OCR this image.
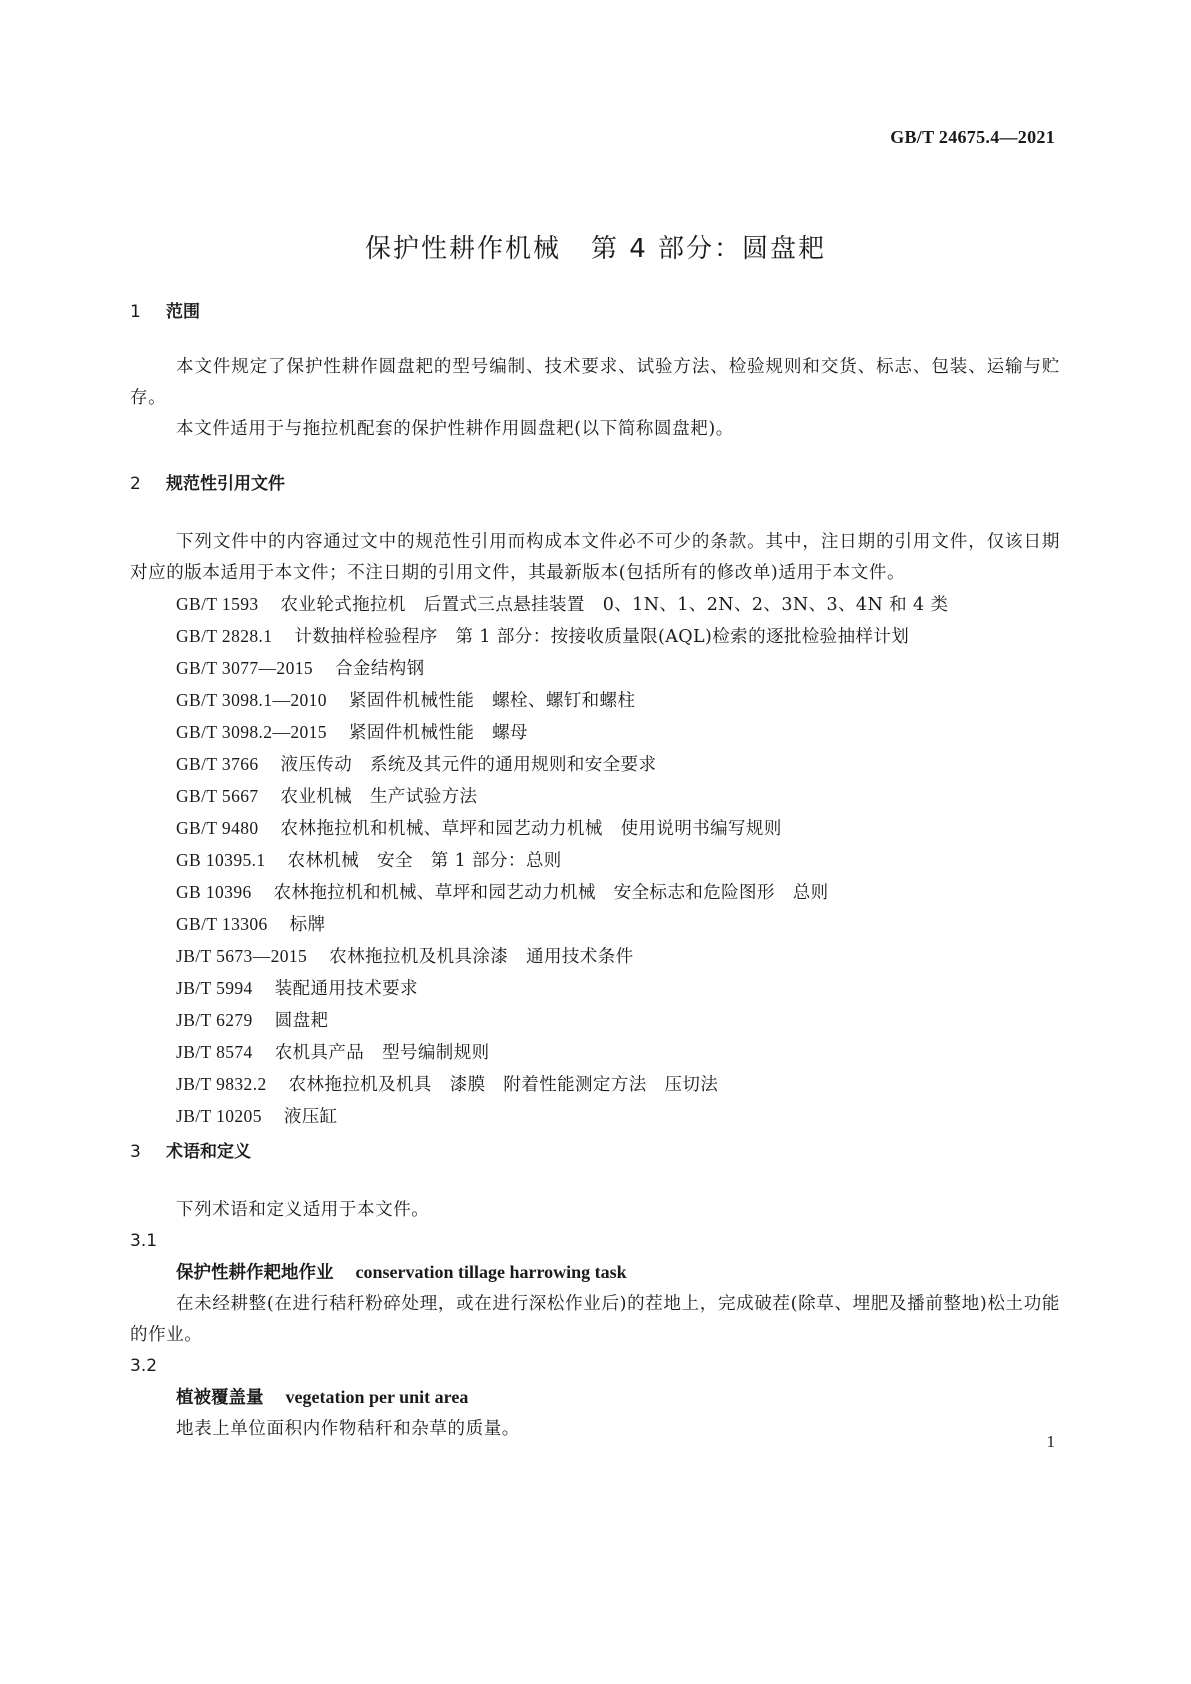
GB/T 24675.4—2021
保护性耕作机械 第 4 部分：圆盘耙
1 范围

本文件规定了保护性耕作圆盘耙的型号编制、技术要求、试验方法、检验规则和交货、标志、包装、运输与贮存。

本文件适用于与拖拉机配套的保护性耕作用圆盘耙(以下简称圆盘耙)。

2 规范性引用文件

下列文件中的内容通过文中的规范性引用而构成本文件必不可少的条款。其中，注日期的引用文件，仅该日期对应的版本适用于本文件；不注日期的引用文件，其最新版本(包括所有的修改单)适用于本文件。

GB/T 1593 农业轮式拖拉机　后置式三点悬挂装置　0、1N、1、2N、2、3N、3、4N 和 4 类
GB/T 2828.1 计数抽样检验程序　第 1 部分：按接收质量限(AQL)检索的逐批检验抽样计划
GB/T 3077—2015 合金结构钢
GB/T 3098.1—2010 紧固件机械性能　螺栓、螺钉和螺柱
GB/T 3098.2—2015 紧固件机械性能　螺母
GB/T 3766 液压传动　系统及其元件的通用规则和安全要求
GB/T 5667 农业机械　生产试验方法
GB/T 9480 农林拖拉机和机械、草坪和园艺动力机械　使用说明书编写规则
GB 10395.1 农林机械　安全　第 1 部分：总则
GB 10396 农林拖拉机和机械、草坪和园艺动力机械　安全标志和危险图形　总则
GB/T 13306 标牌
JB/T 5673—2015 农林拖拉机及机具涂漆　通用技术条件
JB/T 5994 装配通用技术要求
JB/T 6279 圆盘耙
JB/T 8574 农机具产品　型号编制规则
JB/T 9832.2 农林拖拉机及机具　漆膜　附着性能测定方法　压切法
JB/T 10205 液压缸
3 术语和定义

下列术语和定义适用于本文件。

3.1
保护性耕作耙地作业 conservation tillage harrowing task

在未经耕整(在进行秸秆粉碎处理，或在进行深松作业后)的茬地上，完成破茬(除草、埋肥及播前整地)松土功能的作业。

3.2
植被覆盖量 vegetation per unit area

地表上单位面积内作物秸秆和杂草的质量。

1
